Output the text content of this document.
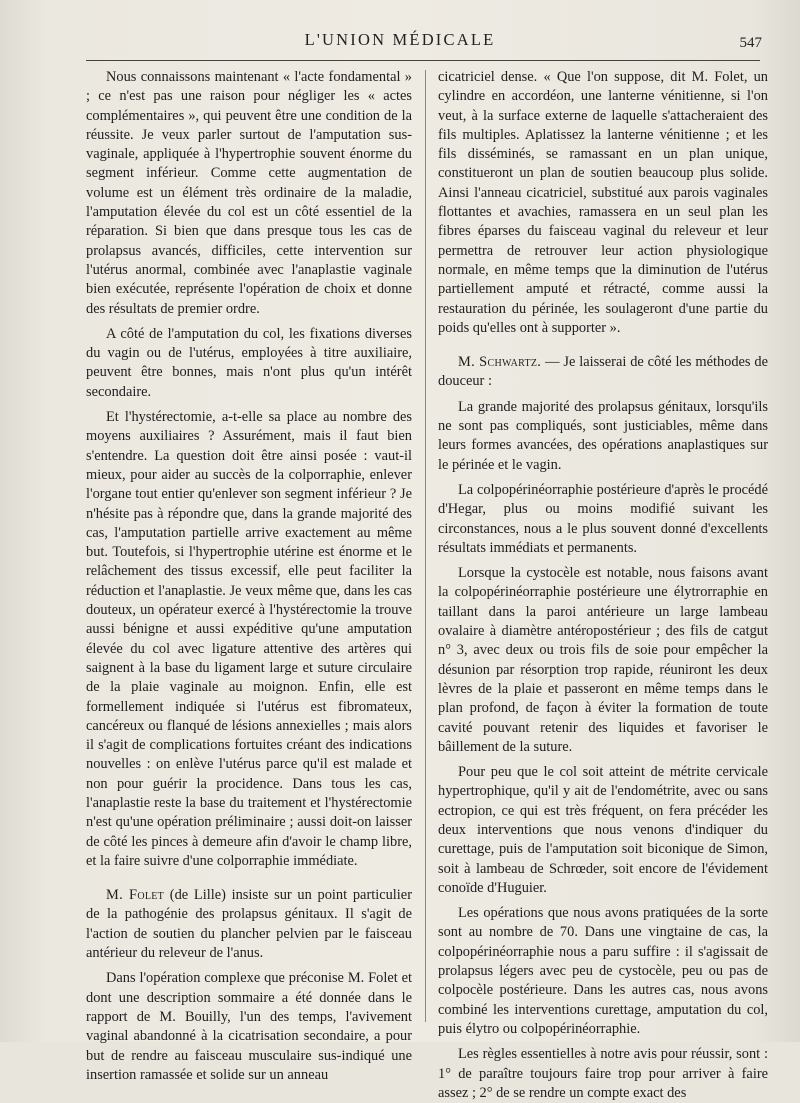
L'UNION MÉDICALE	547

Nous connaissons maintenant « l'acte fondamental » ; ce n'est pas une raison pour négliger les « actes complémentaires », qui peuvent être une condition de la réussite. Je veux parler surtout de l'amputation sus-vaginale, appliquée à l'hypertrophie souvent énorme du segment inférieur. Comme cette augmentation de volume est un élément très ordinaire de la maladie, l'amputation élevée du col est un côté essentiel de la réparation. Si bien que dans presque tous les cas de prolapsus avancés, difficiles, cette intervention sur l'utérus anormal, combinée avec l'anaplastie vaginale bien exécutée, représente l'opération de choix et donne des résultats de premier ordre.

A côté de l'amputation du col, les fixations diverses du vagin ou de l'utérus, employées à titre auxiliaire, peuvent être bonnes, mais n'ont plus qu'un intérêt secondaire.

Et l'hystérectomie, a-t-elle sa place au nombre des moyens auxiliaires ? Assurément, mais il faut bien s'entendre. La question doit être ainsi posée : vaut-il mieux, pour aider au succès de la colporraphie, enlever l'organe tout entier qu'enlever son segment inférieur ? Je n'hésite pas à répondre que, dans la grande majorité des cas, l'amputation partielle arrive exactement au même but. Toutefois, si l'hypertrophie utérine est énorme et le relâchement des tissus excessif, elle peut faciliter la réduction et l'anaplastie. Je veux même que, dans les cas douteux, un opérateur exercé à l'hystérectomie la trouve aussi bénigne et aussi expéditive qu'une amputation élevée du col avec ligature attentive des artères qui saignent à la base du ligament large et suture circulaire de la plaie vaginale au moignon. Enfin, elle est formellement indiquée si l'utérus est fibromateux, cancéreux ou flanqué de lésions annexielles ; mais alors il s'agit de complications fortuites créant des indications nouvelles : on enlève l'utérus parce qu'il est malade et non pour guérir la procidence. Dans tous les cas, l'anaplastie reste la base du traitement et l'hystérectomie n'est qu'une opération préliminaire ; aussi doit-on laisser de côté les pinces à demeure afin d'avoir le champ libre, et la faire suivre d'une colporraphie immédiate.

M. Folet (de Lille) insiste sur un point particulier de la pathogénie des prolapsus génitaux. Il s'agit de l'action de soutien du plancher pelvien par le faisceau antérieur du releveur de l'anus.

Dans l'opération complexe que préconise M. Folet et dont une description sommaire a été donnée dans le rapport de M. Bouilly, l'un des temps, l'avivement vaginal abandonné à la cicatrisation secondaire, a pour but de rendre au faisceau musculaire sus-indiqué une insertion ramassée et solide sur un anneau

cicatriciel dense. « Que l'on suppose, dit M. Folet, un cylindre en accordéon, une lanterne vénitienne, si l'on veut, à la surface externe de laquelle s'attacheraient des fils multiples. Aplatissez la lanterne vénitienne ; et les fils disséminés, se ramassant en un plan unique, constitueront un plan de soutien beaucoup plus solide. Ainsi l'anneau cicatriciel, substitué aux parois vaginales flottantes et avachies, ramassera en un seul plan les fibres éparses du faisceau vaginal du releveur et leur permettra de retrouver leur action physiologique normale, en même temps que la diminution de l'utérus partiellement amputé et rétracté, comme aussi la restauration du périnée, les soulageront d'une partie du poids qu'elles ont à supporter ».

M. Schwartz. — Je laisserai de côté les méthodes de douceur :

La grande majorité des prolapsus génitaux, lorsqu'ils ne sont pas compliqués, sont justiciables, même dans leurs formes avancées, des opérations anaplastiques sur le périnée et le vagin.

La colpopérinéorraphie postérieure d'après le procédé d'Hegar, plus ou moins modifié suivant les circonstances, nous a le plus souvent donné d'excellents résultats immédiats et permanents.

Lorsque la cystocèle est notable, nous faisons avant la colpopérinéorraphie postérieure une élytrorraphie en taillant dans la paroi antérieure un large lambeau ovalaire à diamètre antéropostérieur ; des fils de catgut n° 3, avec deux ou trois fils de soie pour empêcher la désunion par résorption trop rapide, réuniront les deux lèvres de la plaie et passeront en même temps dans le plan profond, de façon à éviter la formation de toute cavité pouvant retenir des liquides et favoriser le bâillement de la suture.

Pour peu que le col soit atteint de métrite cervicale hypertrophique, qu'il y ait de l'endométrite, avec ou sans ectropion, ce qui est très fréquent, on fera précéder les deux interventions que nous venons d'indiquer du curettage, puis de l'amputation soit biconique de Simon, soit à lambeau de Schrœder, soit encore de l'évidement conoïde d'Huguier.

Les opérations que nous avons pratiquées de la sorte sont au nombre de 70. Dans une vingtaine de cas, la colpopérinéorraphie nous a paru suffire : il s'agissait de prolapsus légers avec peu de cystocèle, peu ou pas de colpocèle postérieure. Dans les autres cas, nous avons combiné les interventions curettage, amputation du col, puis élytro ou colpopérinéorraphie.

Les règles essentielles à notre avis pour réussir, sont : 1° de paraître toujours faire trop pour arriver à faire assez ; 2° de se rendre un compte exact des
